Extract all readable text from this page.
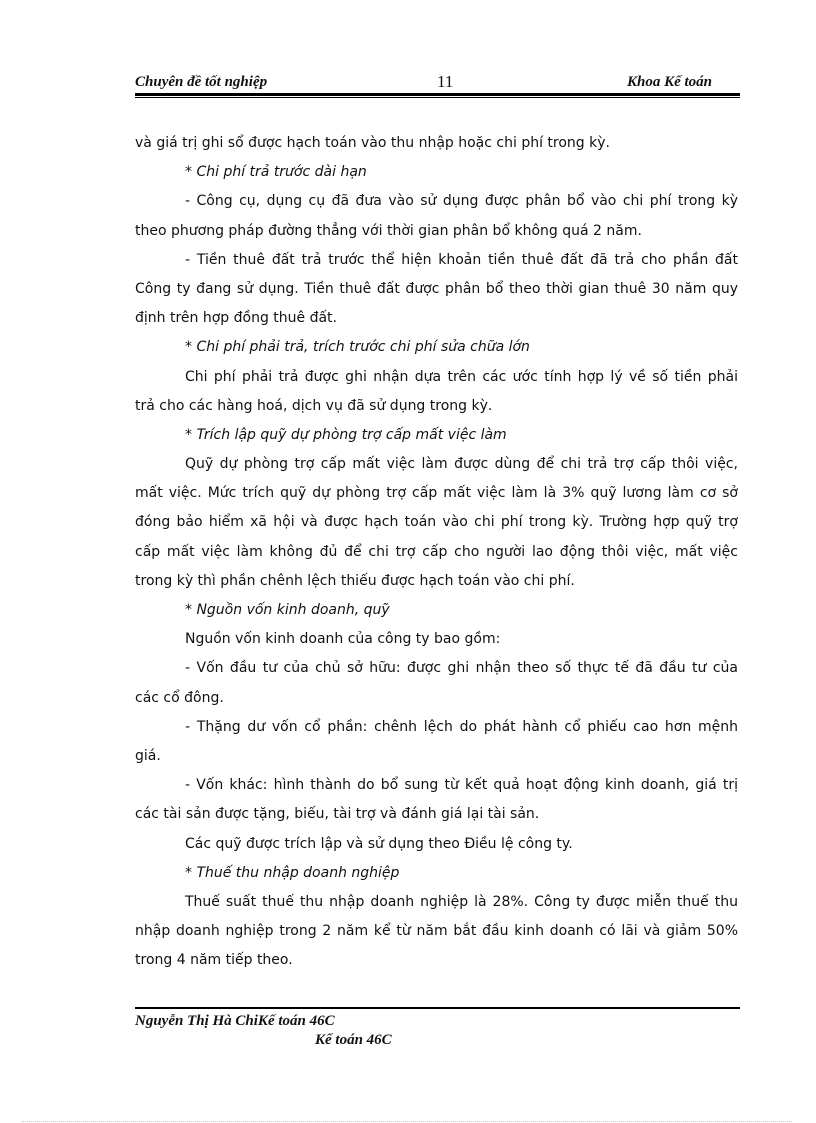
Chuyên đề tốt nghiệp	11	Khoa Kế toán
và giá trị ghi sổ được hạch toán vào thu nhập hoặc chi phí trong kỳ.
* Chi phí trả trước dài hạn
- Công cụ, dụng cụ đã đưa vào sử dụng được phân bổ vào chi phí trong kỳ
theo phương pháp đường thẳng với thời gian phân bổ không quá 2 năm.
- Tiền thuê đất trả trước thể hiện khoản tiền thuê đất đã trả cho phần đất
Công ty đang sử dụng. Tiền thuê đất được phân bổ theo thời gian thuê 30 năm quy
định trên hợp đồng thuê đất.
* Chi phí phải trả, trích trước chi phí sửa chữa lớn
Chi phí phải trả được ghi nhận dựa trên các ước tính hợp lý về số tiền phải
trả cho các hàng hoá, dịch vụ đã sử dụng trong kỳ.
* Trích lập quỹ dự phòng trợ cấp mất việc làm
Quỹ dự phòng trợ cấp mất việc làm được dùng để chi trả trợ cấp thôi việc,
mất việc. Mức trích quỹ dự phòng trợ cấp mất việc làm là 3% quỹ lương làm cơ sở
đóng bảo hiểm xã hội và được hạch toán vào chi phí trong kỳ. Trường hợp quỹ trợ
cấp mất việc làm không đủ để chi trợ cấp cho người lao động thôi việc, mất việc
trong kỳ thì phần chênh lệch thiếu được hạch toán vào chi phí.
* Nguồn vốn kinh doanh, quỹ
Nguồn vốn kinh doanh của công ty bao gồm:
- Vốn đầu tư của chủ sở hữu: được ghi nhận theo số thực tế đã đầu tư của
các cổ đông.
- Thặng dư vốn cổ phần: chênh lệch do phát hành cổ phiếu cao hơn mệnh
giá.
- Vốn khác: hình thành do bổ sung từ kết quả hoạt động kinh doanh, giá trị
các tài sản được tặng, biếu, tài trợ và đánh giá lại tài sản.
Các quỹ được trích lập và sử dụng theo Điều lệ công ty.
* Thuế thu nhập doanh nghiệp
Thuế suất thuế thu nhập doanh nghiệp là 28%. Công ty được miễn thuế thu
nhập doanh nghiệp trong 2 năm kể từ năm bắt đầu kinh doanh có lãi và giảm 50%
trong 4 năm tiếp theo.
Nguyễn Thị Hà ChiKế toán 46C
Kế toán 46C
